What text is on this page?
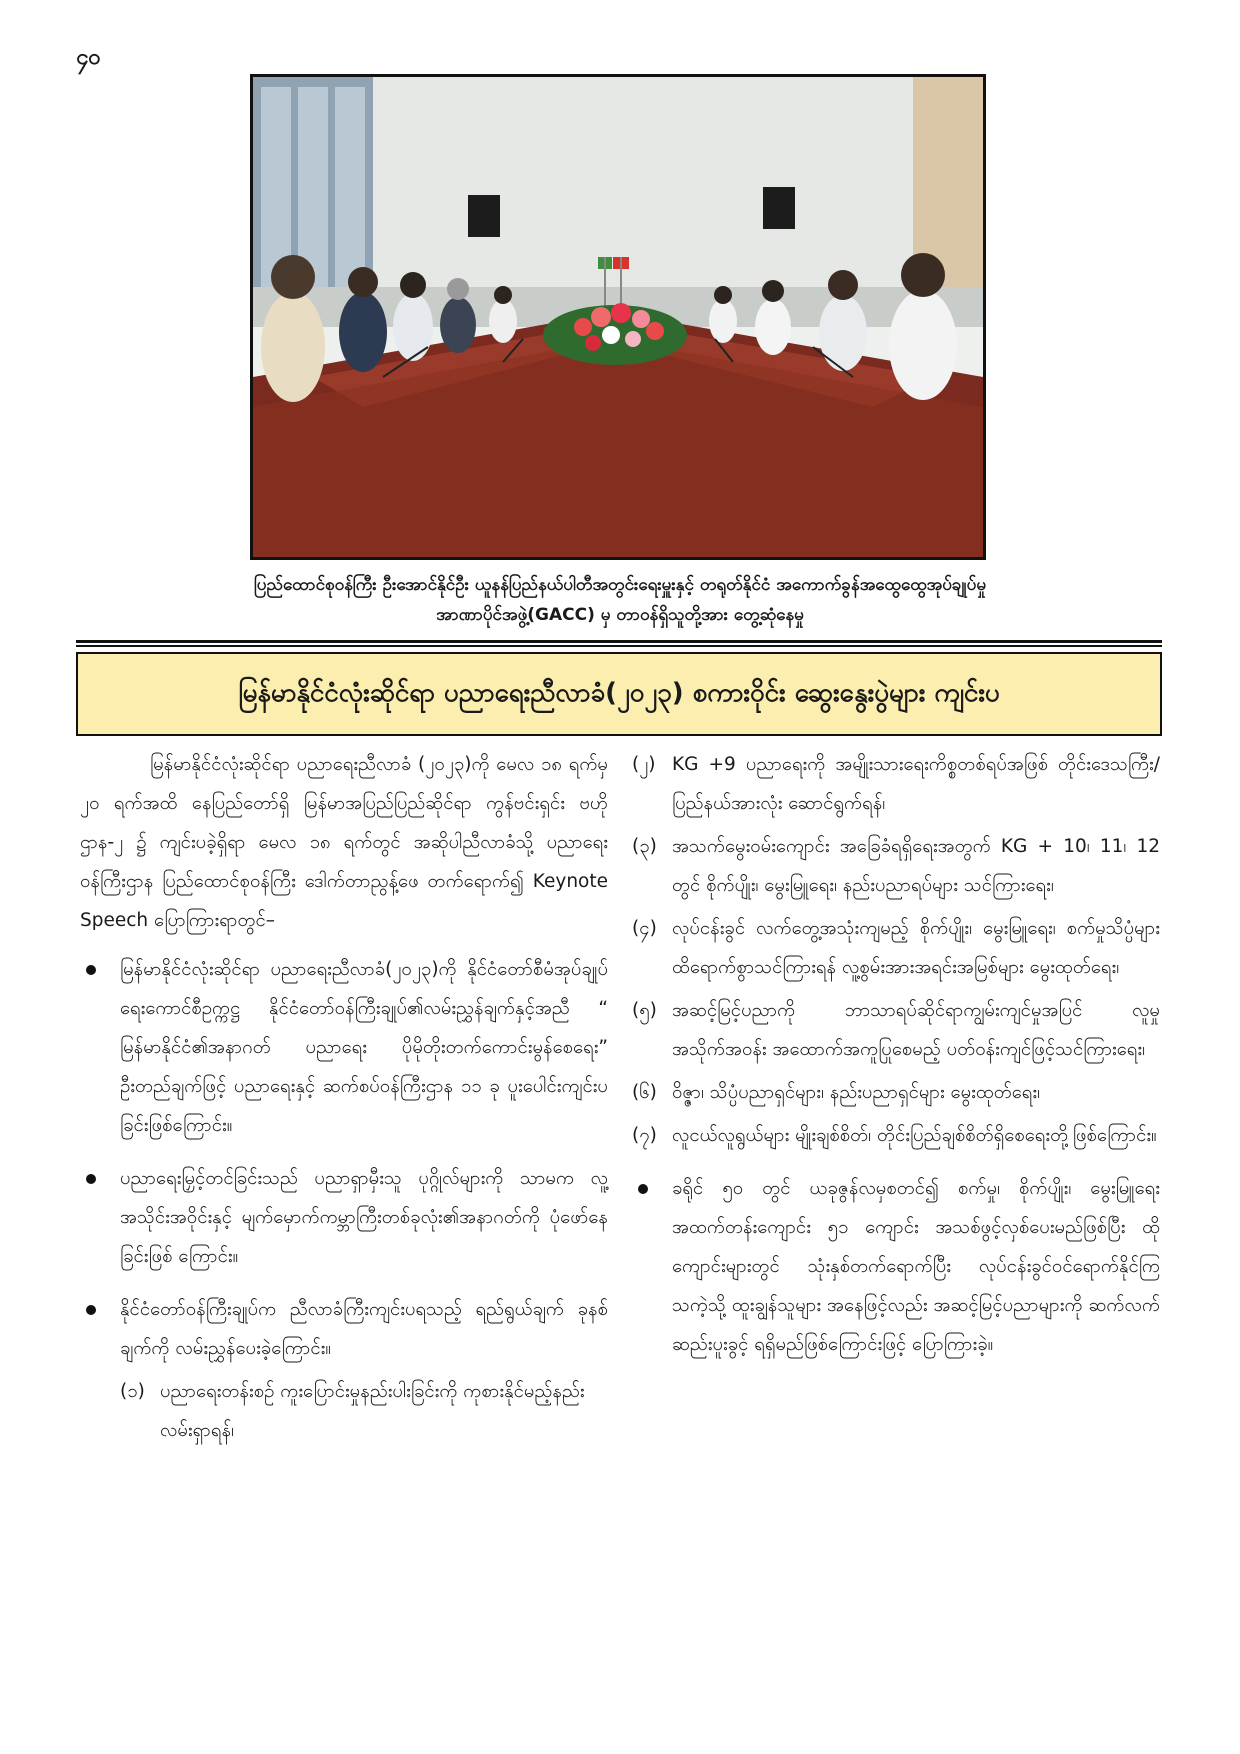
၄၀
ပြည်ထောင်စုဝန်ကြီး ဦးအောင်နိုင်ဦး ယူနန်ပြည်နယ်ပါတီအတွင်းရေးမှူးနှင့် တရုတ်နိုင်ငံ အကောက်ခွန်အထွေထွေအုပ်ချုပ်မှု
အာဏာပိုင်အဖွဲ့(GACC) မှ တာဝန်ရှိသူတို့အား တွေ့ဆုံနေမှု
မြန်မာနိုင်ငံလုံးဆိုင်ရာ ပညာရေးညီလာခံ(၂၀၂၃) စကားဝိုင်း ဆွေးနွေးပွဲများ ကျင်းပ

မြန်မာနိုင်ငံလုံးဆိုင်ရာ ပညာရေးညီလာခံ (၂၀၂၃)ကို မေလ ၁၈ ရက်မှ ၂၀ ရက်အထိ နေပြည်တော်ရှိ မြန်မာအပြည်ပြည်ဆိုင်ရာ ကွန်ဗင်းရှင်း ဗဟိုဌာန-၂ ၌ ကျင်းပခဲ့ရှိရာ မေလ ၁၈ ရက်တွင် အဆိုပါညီလာခံသို့ ပညာရေးဝန်ကြီးဌာန ပြည်ထောင်စုဝန်ကြီး ဒေါက်တာညွန့်ဖေ တက်ရောက်၍ Keynote Speech ပြောကြားရာတွင်–

မြန်မာနိုင်ငံလုံးဆိုင်ရာ ပညာရေးညီလာခံ(၂၀၂၃)ကို နိုင်ငံတော်စီမံအုပ်ချုပ်ရေးကောင်စီဥက္ကဋ္ဌ နိုင်ငံတော်ဝန်ကြီးချုပ်၏လမ်းညွှန်ချက်နှင့်အညီ “ မြန်မာနိုင်ငံ၏အနာဂတ် ပညာရေး ပိုမိုတိုးတက်ကောင်းမွန်စေရေး” ဦးတည်ချက်ဖြင့် ပညာရေးနှင့် ဆက်စပ်ဝန်ကြီးဌာန ၁၁ ခု ပူးပေါင်းကျင်းပခြင်းဖြစ်ကြောင်း။
ပညာရေးမြှင့်တင်ခြင်းသည် ပညာရှာမှီးသူ ပုဂ္ဂိုလ်များကို သာမက လူ့အသိုင်းအဝိုင်းနှင့် မျက်မှောက်ကမ္ဘာကြီးတစ်ခုလုံး၏အနာဂတ်ကို ပုံဖော်နေခြင်းဖြစ် ကြောင်း။
နိုင်ငံတော်ဝန်ကြီးချုပ်က ညီလာခံကြီးကျင်းပရသည့် ရည်ရွယ်ချက် ခုနစ်ချက်ကို လမ်းညွှန်ပေးခဲ့ကြောင်း။
(၁) ပညာရေးတန်းစဉ် ကူးပြောင်းမှုနည်းပါးခြင်းကို ကုစားနိုင်မည့်နည်းလမ်းရှာရန်၊
(၂) KG +9 ပညာရေးကို အမျိုးသားရေးကိစ္စတစ်ရပ်အဖြစ် တိုင်းဒေသကြီး/ ပြည်နယ်အားလုံး ဆောင်ရွက်ရန်၊
(၃) အသက်မွေးဝမ်းကျောင်း အခြေခံရရှိရေးအတွက် KG + 10၊ 11၊ 12 တွင် စိုက်ပျိုး၊ မွေးမြူရေး၊ နည်းပညာရပ်များ သင်ကြားရေး၊
(၄) လုပ်ငန်းခွင် လက်တွေ့အသုံးကျမည့် စိုက်ပျိုး၊ မွေးမြူရေး၊ စက်မှုသိပ္ပံများ ထိရောက်စွာသင်ကြားရန် လူ့စွမ်းအားအရင်းအမြစ်များ မွေးထုတ်ရေး၊
(၅) အဆင့်မြင့်ပညာကို ဘာသာရပ်ဆိုင်ရာကျွမ်းကျင်မှုအပြင် လူမှုအသိုက်အဝန်း အထောက်အကူပြုစေမည့် ပတ်ဝန်းကျင်ဖြင့်သင်ကြားရေး၊
(၆) ဝိဇ္ဇာ၊ သိပ္ပံပညာရှင်များ၊ နည်းပညာရှင်များ မွေးထုတ်ရေး၊
(၇) လူငယ်လူရွယ်များ မျိုးချစ်စိတ်၊ တိုင်းပြည်ချစ်စိတ်ရှိစေရေးတို့ဖြစ်ကြောင်း။
ခရိုင် ၅၀ တွင် ယခုဇွန်လမှစတင်၍ စက်မှု၊ စိုက်ပျိုး၊ မွေးမြူရေး အထက်တန်းကျောင်း ၅၁ ကျောင်း အသစ်ဖွင့်လှစ်ပေးမည်ဖြစ်ပြီး ထိုကျောင်းများတွင် သုံးနှစ်တက်ရောက်ပြီး လုပ်ငန်းခွင်ဝင်ရောက်နိုင်ကြသကဲ့သို့ ထူးချွန်သူများ အနေဖြင့်လည်း အဆင့်မြင့်ပညာများကို ဆက်လက်ဆည်းပူးခွင့် ရရှိမည်ဖြစ်ကြောင်းဖြင့် ပြောကြားခဲ့။
